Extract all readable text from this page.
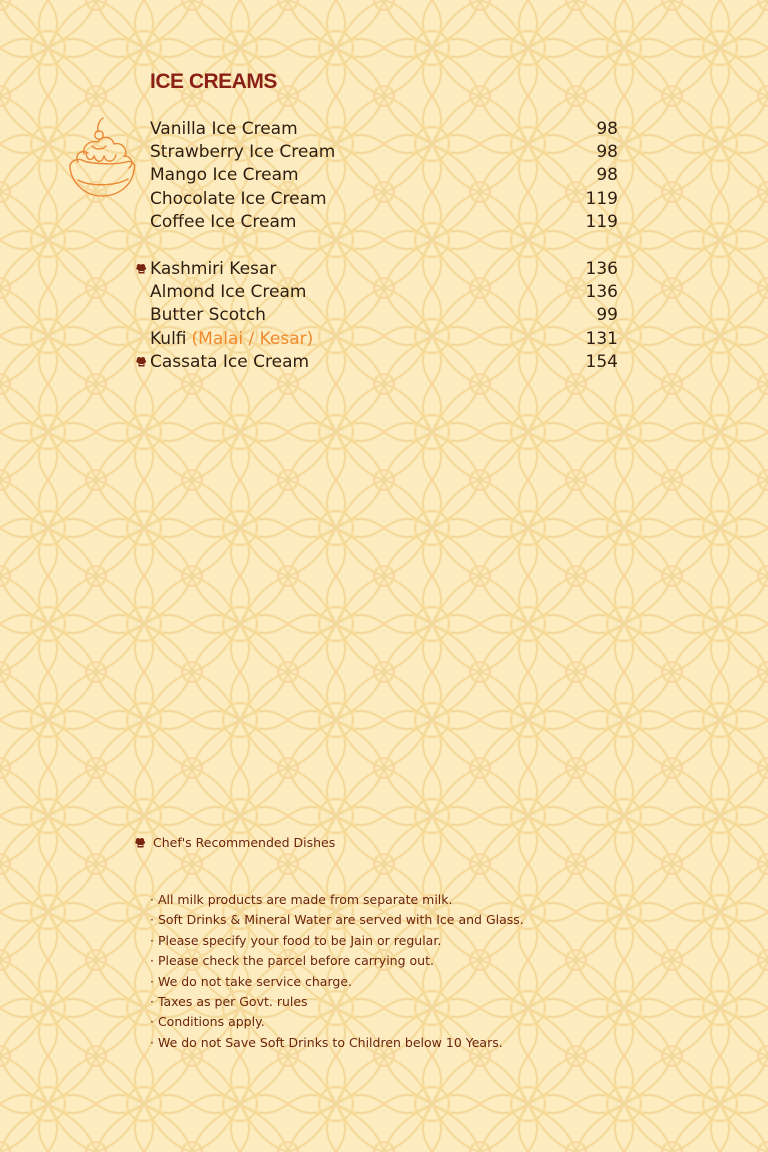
ICE CREAMS
Vanilla Ice Cream	98
Strawberry Ice Cream	98
Mango Ice Cream	98
Chocolate Ice Cream	119
Coffee Ice Cream	119
Kashmiri Kesar	136
Almond Ice Cream	136
Butter Scotch	99
Kulfi (Malai / Kesar)	131
Cassata Ice Cream	154
Chef's Recommended Dishes
· All milk products are made from separate milk.
· Soft Drinks & Mineral Water are served with Ice and Glass.
· Please specify your food to be Jain or regular.
· Please check the parcel before carrying out.
· We do not take service charge.
· Taxes as per Govt. rules
· Conditions apply.
· We do not Save Soft Drinks to Children below 10 Years.
